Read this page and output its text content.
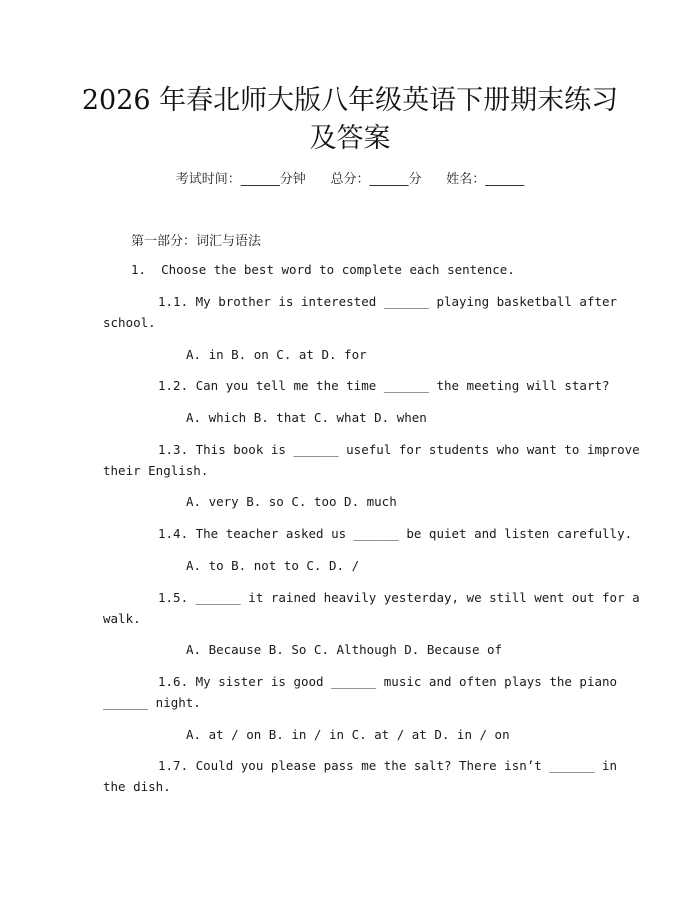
2026 年春北师大版八年级英语下册期末练习
及答案
考试时间：______分钟      总分：______分      姓名：______
第一部分：词汇与语法
1.  Choose the best word to complete each sentence.
1.1. My brother is interested ______ playing basketball after
school.
A. in B. on C. at D. for
1.2. Can you tell me the time ______ the meeting will start?
A. which B. that C. what D. when
1.3. This book is ______ useful for students who want to improve
their English.
A. very B. so C. too D. much
1.4. The teacher asked us ______ be quiet and listen carefully.
A. to B. not to C. D. /
1.5. ______ it rained heavily yesterday, we still went out for a
walk.
A. Because B. So C. Although D. Because of
1.6. My sister is good ______ music and often plays the piano
______ night.
A. at / on B. in / in C. at / at D. in / on
1.7. Could you please pass me the salt? There isn’t ______ in
the dish.
